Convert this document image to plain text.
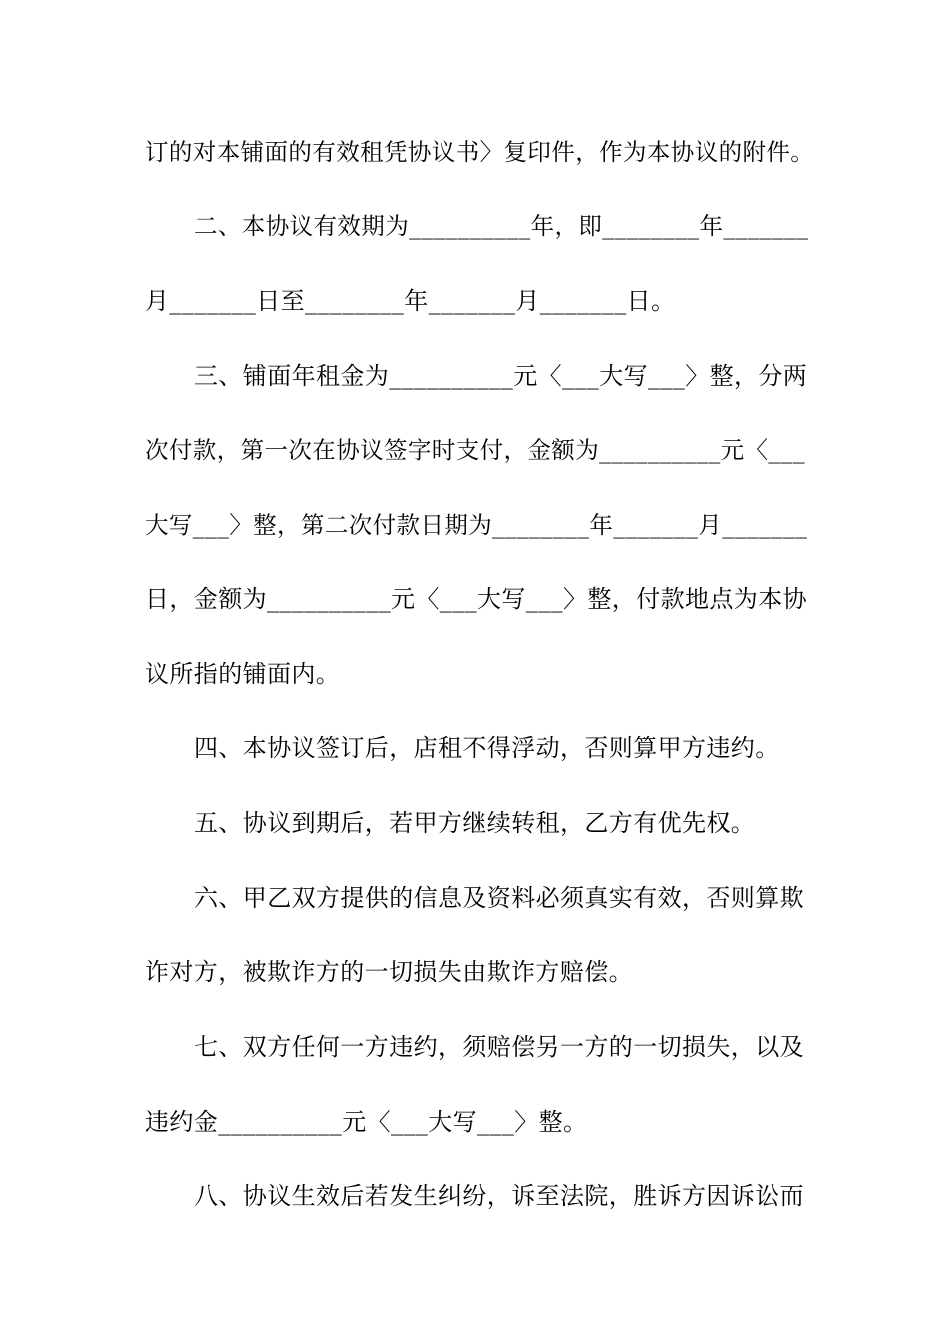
订的对本铺面的有效租凭协议书〉复印件，作为本协议的附件。
二、本协议有效期为__________年，即________年_______
月_______日至________年_______月_______日。
三、铺面年租金为__________元〈___大写___〉整，分两
次付款，第一次在协议签字时支付，金额为__________元〈___
大写___〉整，第二次付款日期为________年_______月_______
日，金额为__________元〈___大写___〉整，付款地点为本协
议所指的铺面内。
四、本协议签订后，店租不得浮动，否则算甲方违约。
五、协议到期后，若甲方继续转租，乙方有优先权。
六、甲乙双方提供的信息及资料必须真实有效，否则算欺
诈对方，被欺诈方的一切损失由欺诈方赔偿。
七、双方任何一方违约，须赔偿另一方的一切损失，以及
违约金__________元〈___大写___〉整。
八、协议生效后若发生纠纷，诉至法院，胜诉方因诉讼而
